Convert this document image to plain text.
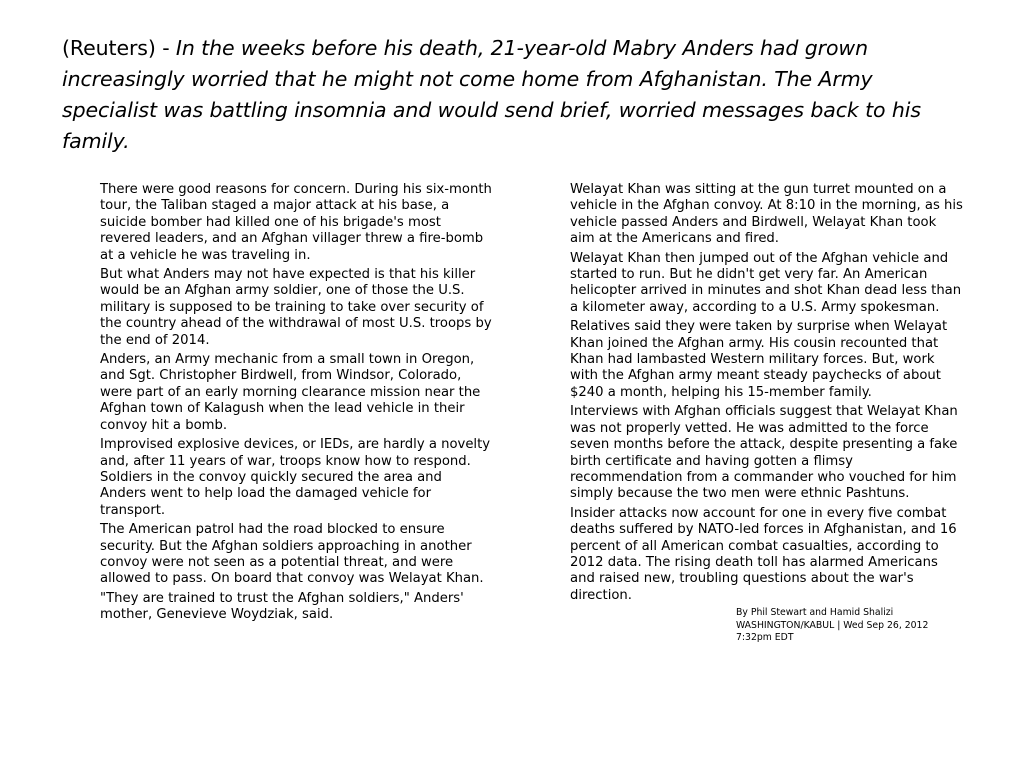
(Reuters) - In the weeks before his death, 21-year-old Mabry Anders had grown increasingly worried that he might not come home from Afghanistan. The Army specialist was battling insomnia and would send brief, worried messages back to his family.

There were good reasons for concern. During his six-month tour, the Taliban staged a major attack at his base, a suicide bomber had killed one of his brigade's most revered leaders, and an Afghan villager threw a fire-bomb at a vehicle he was traveling in.

But what Anders may not have expected is that his killer would be an Afghan army soldier, one of those the U.S. military is supposed to be training to take over security of the country ahead of the withdrawal of most U.S. troops by the end of 2014.

Anders, an Army mechanic from a small town in Oregon, and Sgt. Christopher Birdwell, from Windsor, Colorado, were part of an early morning clearance mission near the Afghan town of Kalagush when the lead vehicle in their convoy hit a bomb.

Improvised explosive devices, or IEDs, are hardly a novelty and, after 11 years of war, troops know how to respond. Soldiers in the convoy quickly secured the area and Anders went to help load the damaged vehicle for transport.

The American patrol had the road blocked to ensure security. But the Afghan soldiers approaching in another convoy were not seen as a potential threat, and were allowed to pass. On board that convoy was Welayat Khan.

"They are trained to trust the Afghan soldiers," Anders' mother, Genevieve Woydziak, said.

Welayat Khan was sitting at the gun turret mounted on a vehicle in the Afghan convoy. At 8:10 in the morning, as his vehicle passed Anders and Birdwell, Welayat Khan took aim at the Americans and fired.

Welayat Khan then jumped out of the Afghan vehicle and started to run. But he didn't get very far. An American helicopter arrived in minutes and shot Khan dead less than a kilometer away, according to a U.S. Army spokesman.

Relatives said they were taken by surprise when Welayat Khan joined the Afghan army. His cousin recounted that Khan had lambasted Western military forces. But, work with the Afghan army meant steady paychecks of about $240 a month, helping his 15-member family.

Interviews with Afghan officials suggest that Welayat Khan was not properly vetted. He was admitted to the force seven months before the attack, despite presenting a fake birth certificate and having gotten a flimsy recommendation from a commander who vouched for him simply because the two men were ethnic Pashtuns.

Insider attacks now account for one in every five combat deaths suffered by NATO-led forces in Afghanistan, and 16 percent of all American combat casualties, according to 2012 data. The rising death toll has alarmed Americans and raised new, troubling questions about the war's direction.

By Phil Stewart and Hamid Shalizi
WASHINGTON/KABUL | Wed Sep 26, 2012 7:32pm EDT
